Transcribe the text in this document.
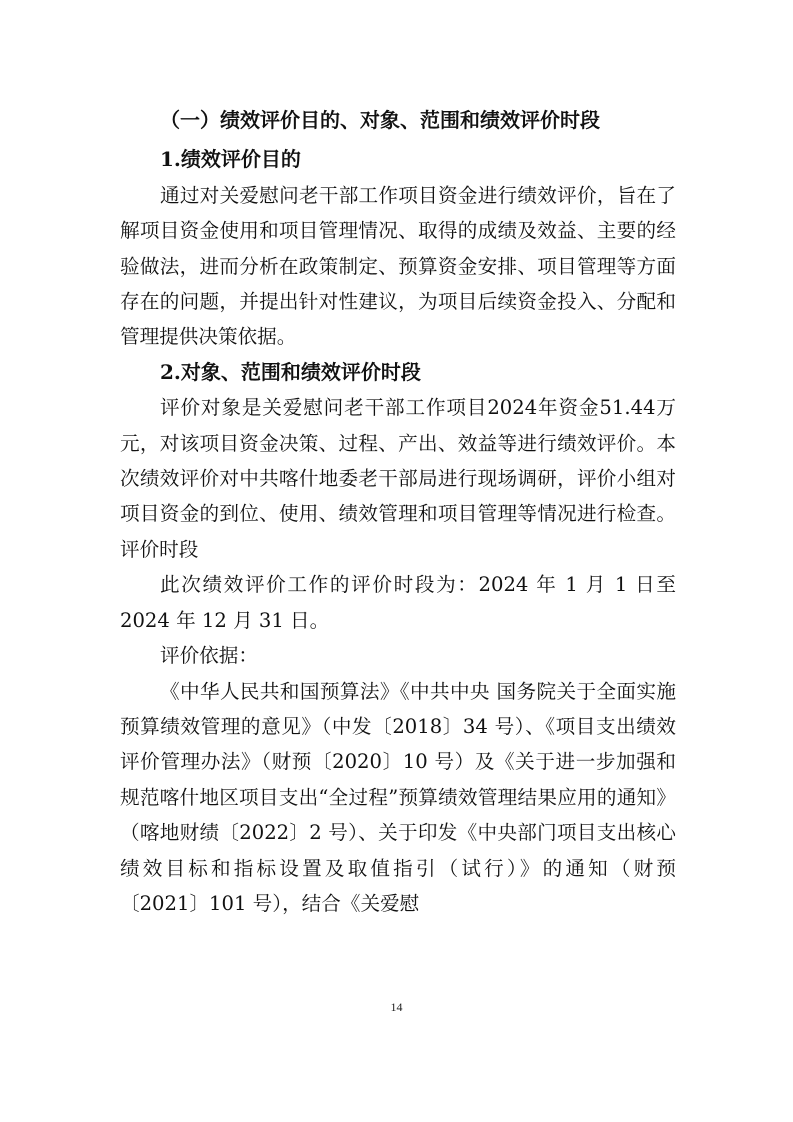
（一）绩效评价目的、对象、范围和绩效评价时段

1.绩效评价目的

通过对关爱慰问老干部工作项目资金进行绩效评价，旨在了解项目资金使用和项目管理情况、取得的成绩及效益、主要的经验做法，进而分析在政策制定、预算资金安排、项目管理等方面存在的问题，并提出针对性建议，为项目后续资金投入、分配和管理提供决策依据。

2.对象、范围和绩效评价时段

评价对象是关爱慰问老干部工作项目2024年资金51.44万元，对该项目资金决策、过程、产出、效益等进行绩效评价。本次绩效评价对中共喀什地委老干部局进行现场调研，评价小组对项目资金的到位、使用、绩效管理和项目管理等情况进行检查。评价时段

此次绩效评价工作的评价时段为：2024 年 1 月 1 日至 2024 年 12 月 31 日。

评价依据：

《中华人民共和国预算法》《中共中央 国务院关于全面实施预算绩效管理的意见》（中发〔2018〕34 号）、《项目支出绩效评价管理办法》（财预〔2020〕10 号）及《关于进一步加强和规范喀什地区项目支出“全过程”预算绩效管理结果应用的通知》（喀地财绩〔2022〕2 号）、关于印发《中央部门项目支出核心绩效目标和指标设置及取值指引（试行）》的通知（财预〔2021〕101 号），结合《关爱慰

14
